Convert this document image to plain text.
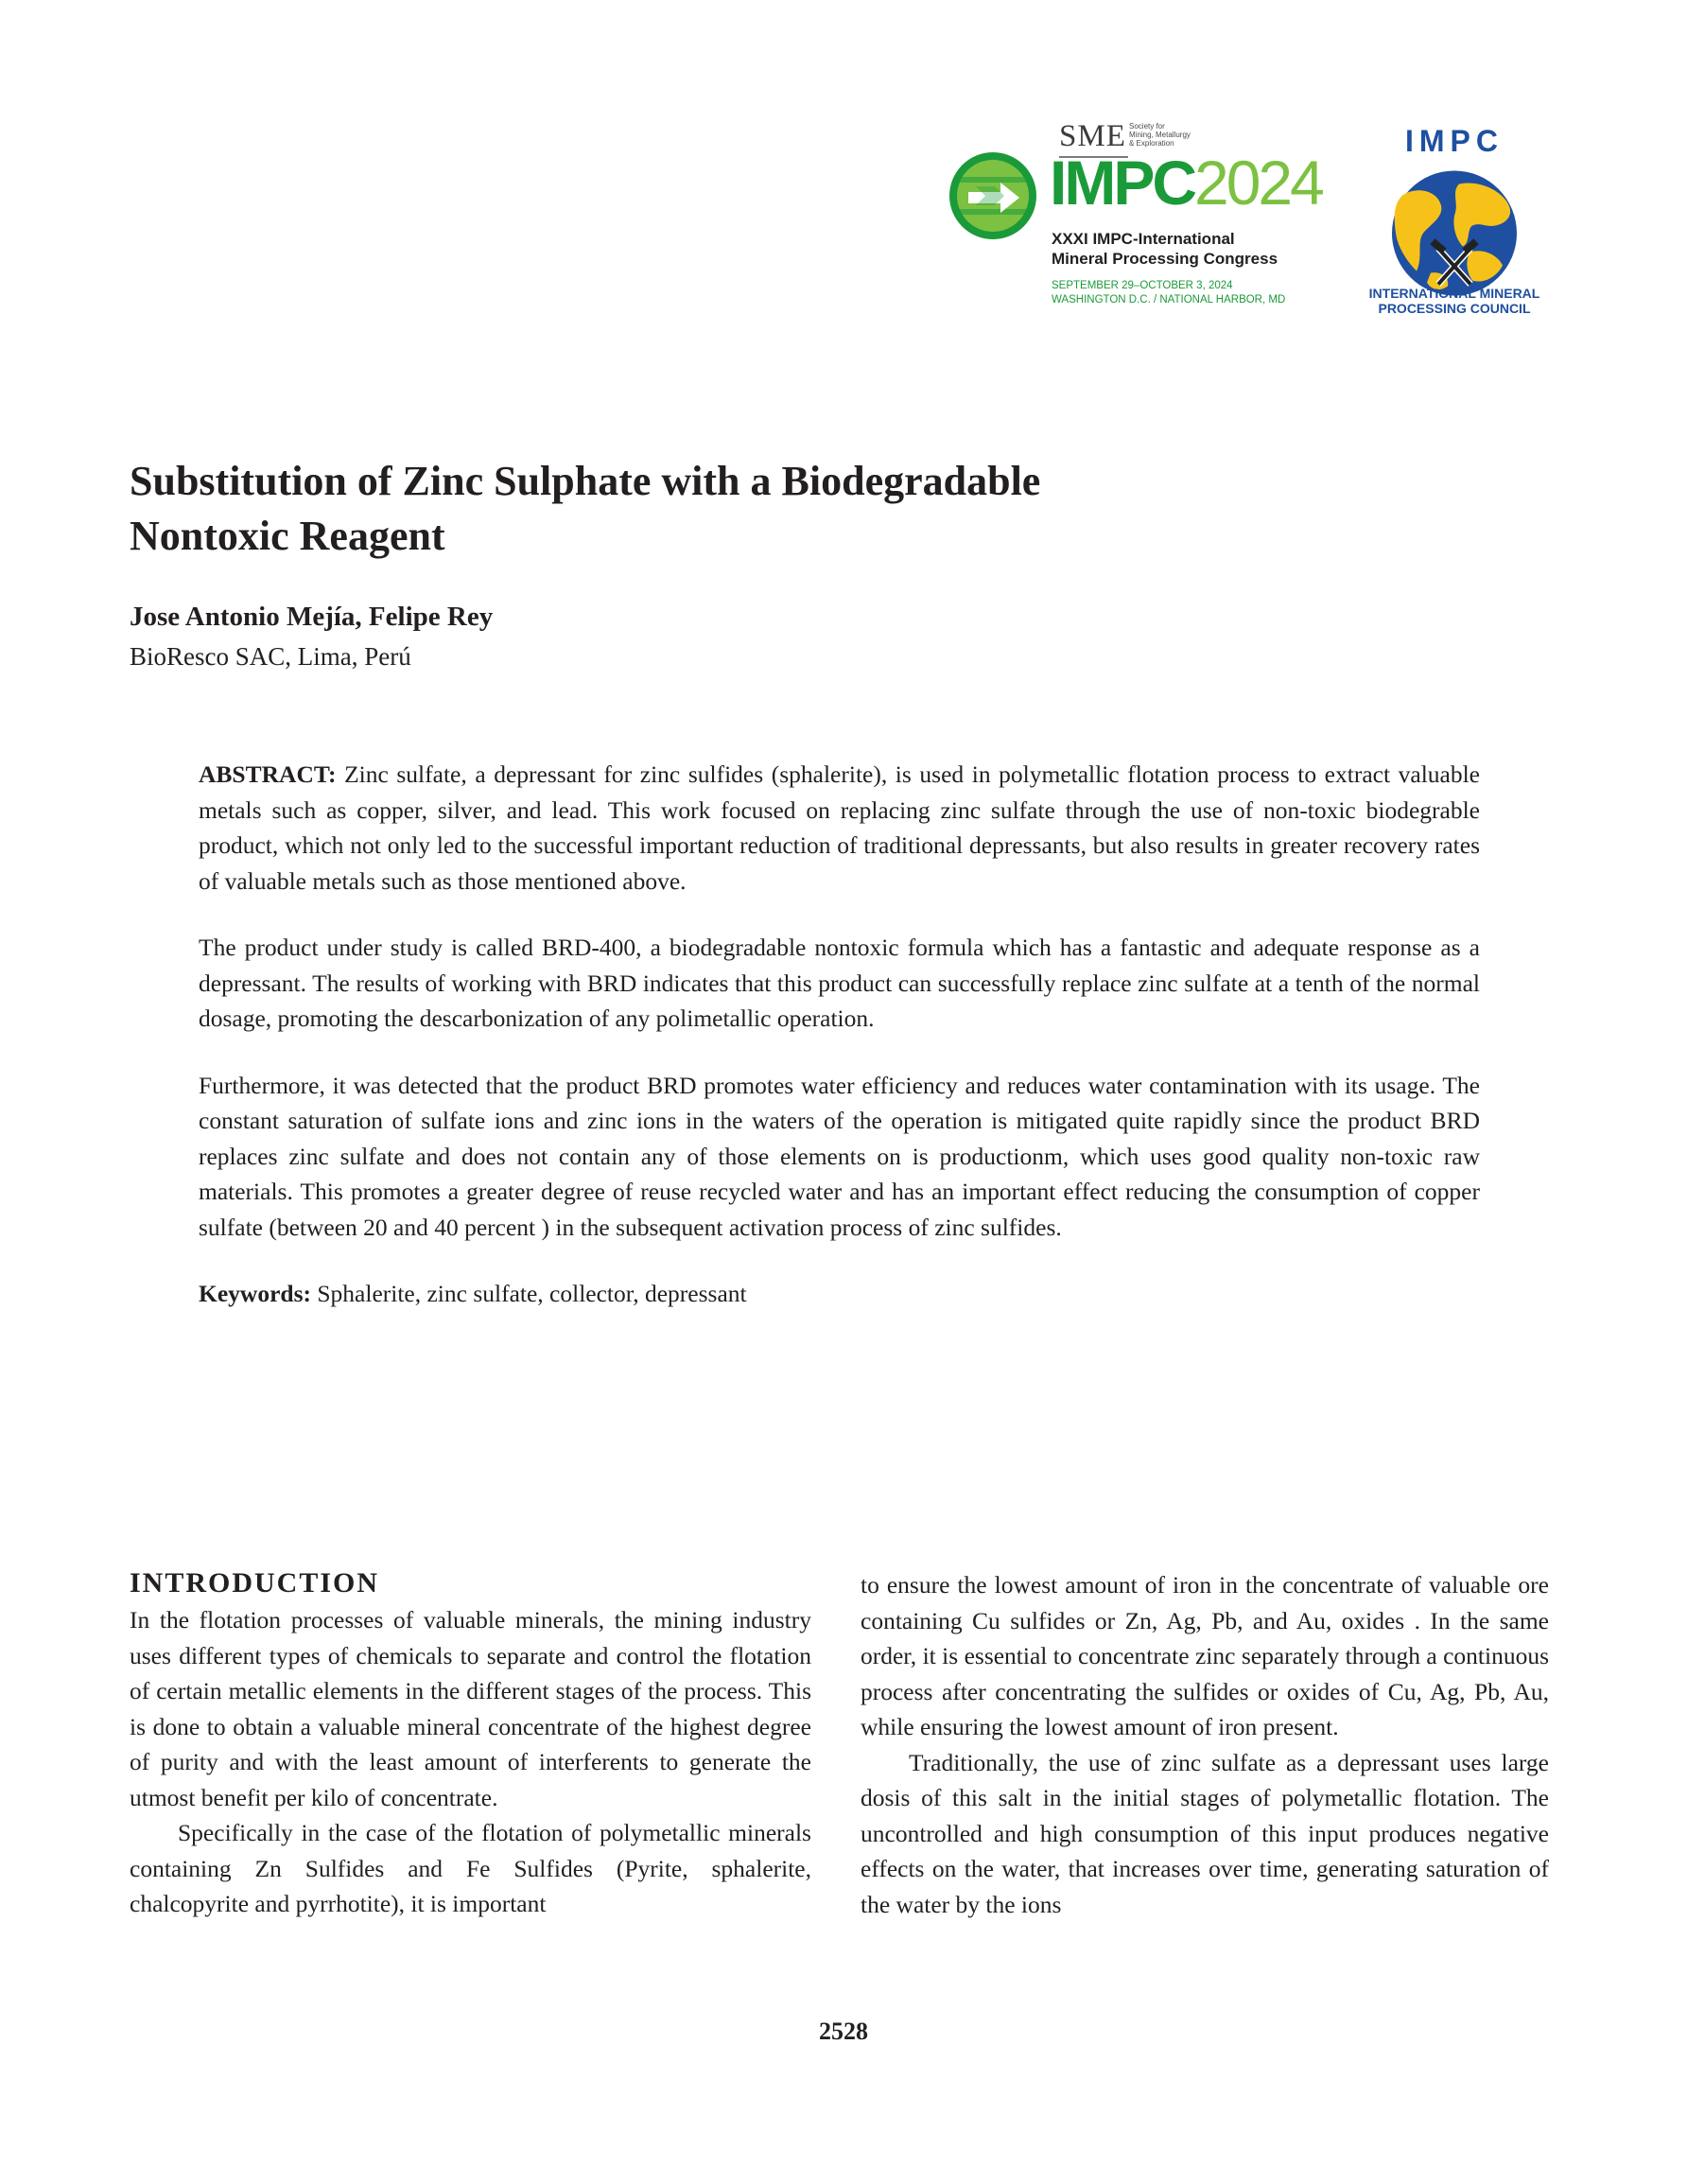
SME Society for
Mining, Metallurgy
& Exploration
IMPC2024
XXXI IMPC-International
Mineral Processing Congress
SEPTEMBER 29–OCTOBER 3, 2024
WASHINGTON D.C. / NATIONAL HARBOR, MD
IMPC
INTERNATIONAL MINERAL
PROCESSING COUNCIL
Substitution of Zinc Sulphate with a Biodegradable
Nontoxic Reagent
Jose Antonio Mejía, Felipe Rey
BioResco SAC, Lima, Perú

ABSTRACT: Zinc sulfate, a depressant for zinc sulfides (sphalerite), is used in polymetallic flotation process to extract valuable metals such as copper, silver, and lead. This work focused on replacing zinc sulfate through the use of non-toxic biodegrable product, which not only led to the successful important reduction of traditional depressants, but also results in greater recovery rates of valuable metals such as those mentioned above.

The product under study is called BRD-400, a biodegradable nontoxic formula which has a fantastic and adequate response as a depressant. The results of working with BRD indicates that this product can successfully replace zinc sulfate at a tenth of the normal dosage, promoting the descarbonization of any polimetallic operation.

Furthermore, it was detected that the product BRD promotes water efficiency and reduces water contamination with its usage. The constant saturation of sulfate ions and zinc ions in the waters of the operation is mitigated quite rapidly since the product BRD replaces zinc sulfate and does not contain any of those elements on is productionm, which uses good quality non-toxic raw materials. This promotes a greater degree of reuse recycled water and has an important effect reducing the consumption of copper sulfate (between 20 and 40 percent ) in the subsequent activation process of zinc sulfides.

Keywords: Sphalerite, zinc sulfate, collector, depressant

INTRODUCTION

In the flotation processes of valuable minerals, the mining industry uses different types of chemicals to separate and control the flotation of certain metallic elements in the different stages of the process. This is done to obtain a valuable mineral concentrate of the highest degree of purity and with the least amount of interferents to generate the utmost benefit per kilo of concentrate.

Specifically in the case of the flotation of polymetallic minerals containing Zn Sulfides and Fe Sulfides (Pyrite, sphalerite, chalcopyrite and pyrrhotite), it is important

to ensure the lowest amount of iron in the concentrate of valuable ore containing Cu sulfides or Zn, Ag, Pb, and Au, oxides . In the same order, it is essential to concentrate zinc separately through a continuous process after concentrating the sulfides or oxides of Cu, Ag, Pb, Au, while ensuring the lowest amount of iron present.

Traditionally, the use of zinc sulfate as a depressant uses large dosis of this salt in the initial stages of polymetallic flotation. The uncontrolled and high consumption of this input produces negative effects on the water, that increases over time, generating saturation of the water by the ions

2528
